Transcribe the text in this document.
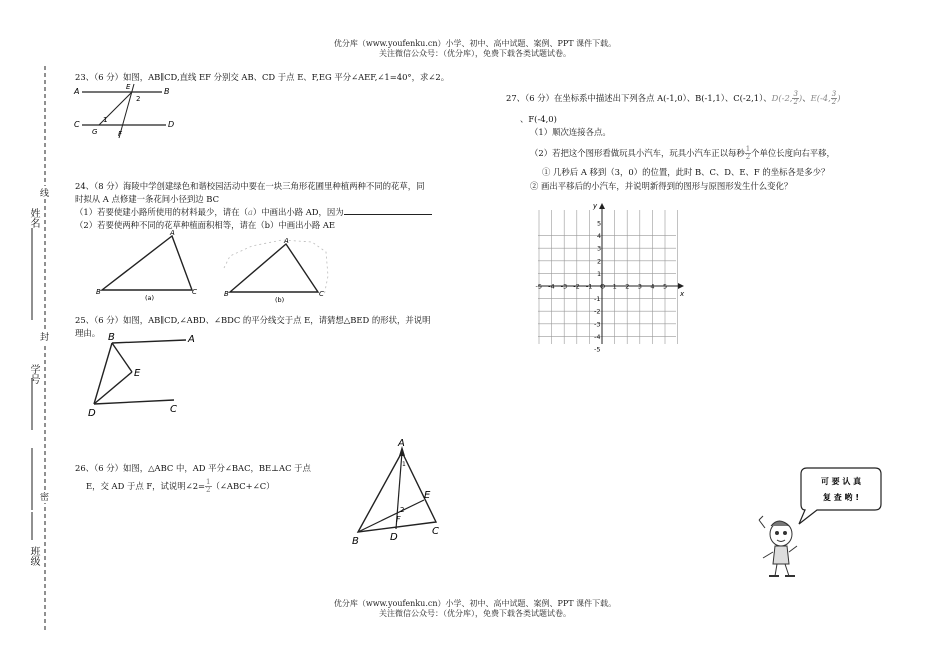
优分库（www.youfenku.cn）小学、初中、高中试题、案例、PPT 课件下载。
关注微信公众号：（优分库），免费下载各类试题试卷。
优分库（www.youfenku.cn）小学、初中、高中试题、案例、PPT 课件下载。
关注微信公众号：（优分库），免费下载各类试题试卷。
姓名
学号
班级
线
封
密
23、（6 分）如图，AB∥CD,直线 EF 分别交 AB、CD 于点 E、F,EG 平分∠AEF,∠1=40°，求∠2。
A	B
C	D
E
F
G
1
2
24、（8 分）海陵中学创建绿色和谐校园活动中要在一块三角形花圃里种植两种不同的花草，同
时拟从 A 点修建一条花间小径到边 BC
（1）若要使建小路所使用的材料最少，请在（a）中画出小路 AD，因为
（2）若要使两种不同的花草种植面积相等，请在（b）中画出小路 AE
A
B	C
(a)
A
B	C
(b)
25、（6 分）如图，AB∥CD,∠ABD、∠BDC 的平分线交于点 E，请猜想△BED 的形状，并说明
理由。 B	A
E
D	C
26、（6 分）如图，△ABC 中，AD 平分∠BAC，BE⊥AC 于点
E，交 AD 于点 F，试说明∠2= $\frac{1}{2}$ （∠ABC+∠C）
A
1
B	D
C
E
F
2
27、（6 分）在坐标系中描述出下列各点 A(-1,0）、B(-1,1）、C(-2,1）、D(-2, $\frac{3}{2}$ )、E(-4, $\frac{3}{2}$ )
、F(-4,0)
（1）顺次连接各点。
（2）若把这个图形看做玩具小汽车，玩具小汽车正以每秒 $\frac{1}{2}$ 个单位长度向右平移，
① 几秒后 A 移到（3，0）的位置，此时 B、C、D、E、F 的坐标各是多少？
② 画出平移后的小汽车，并说明新得到的图形与原图形发生什么变化？
x
y
-5 -4 -3 -2 -1 O 1 2 3 4 5
5
4
3
2
1
-1
-2
-3
-4
-5
可 要 认 真
复 查 哟 !
